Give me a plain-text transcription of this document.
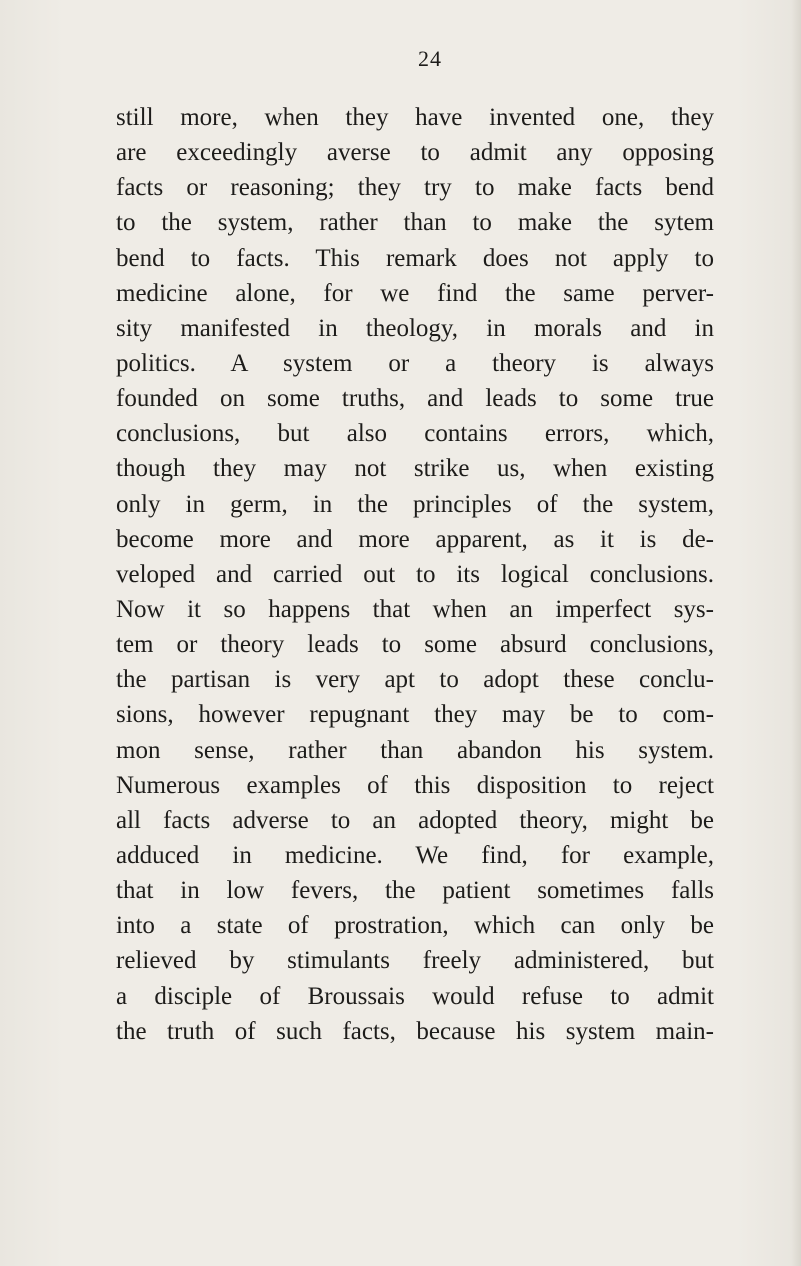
24
still more, when they have invented one, they
are exceedingly averse to admit any opposing
facts or reasoning; they try to make facts bend
to the system, rather than to make the sytem
bend to facts. This remark does not apply to
medicine alone, for we find the same perver-
sity manifested in theology, in morals and in
politics. A system or a theory is always
founded on some truths, and leads to some true
conclusions, but also contains errors, which,
though they may not strike us, when existing
only in germ, in the principles of the system,
become more and more apparent, as it is de-
veloped and carried out to its logical conclusions.
Now it so happens that when an imperfect sys-
tem or theory leads to some absurd conclusions,
the partisan is very apt to adopt these conclu-
sions, however repugnant they may be to com-
mon sense, rather than abandon his system.
Numerous examples of this disposition to reject
all facts adverse to an adopted theory, might be
adduced in medicine. We find, for example,
that in low fevers, the patient sometimes falls
into a state of prostration, which can only be
relieved by stimulants freely administered, but
a disciple of Broussais would refuse to admit
the truth of such facts, because his system main-
